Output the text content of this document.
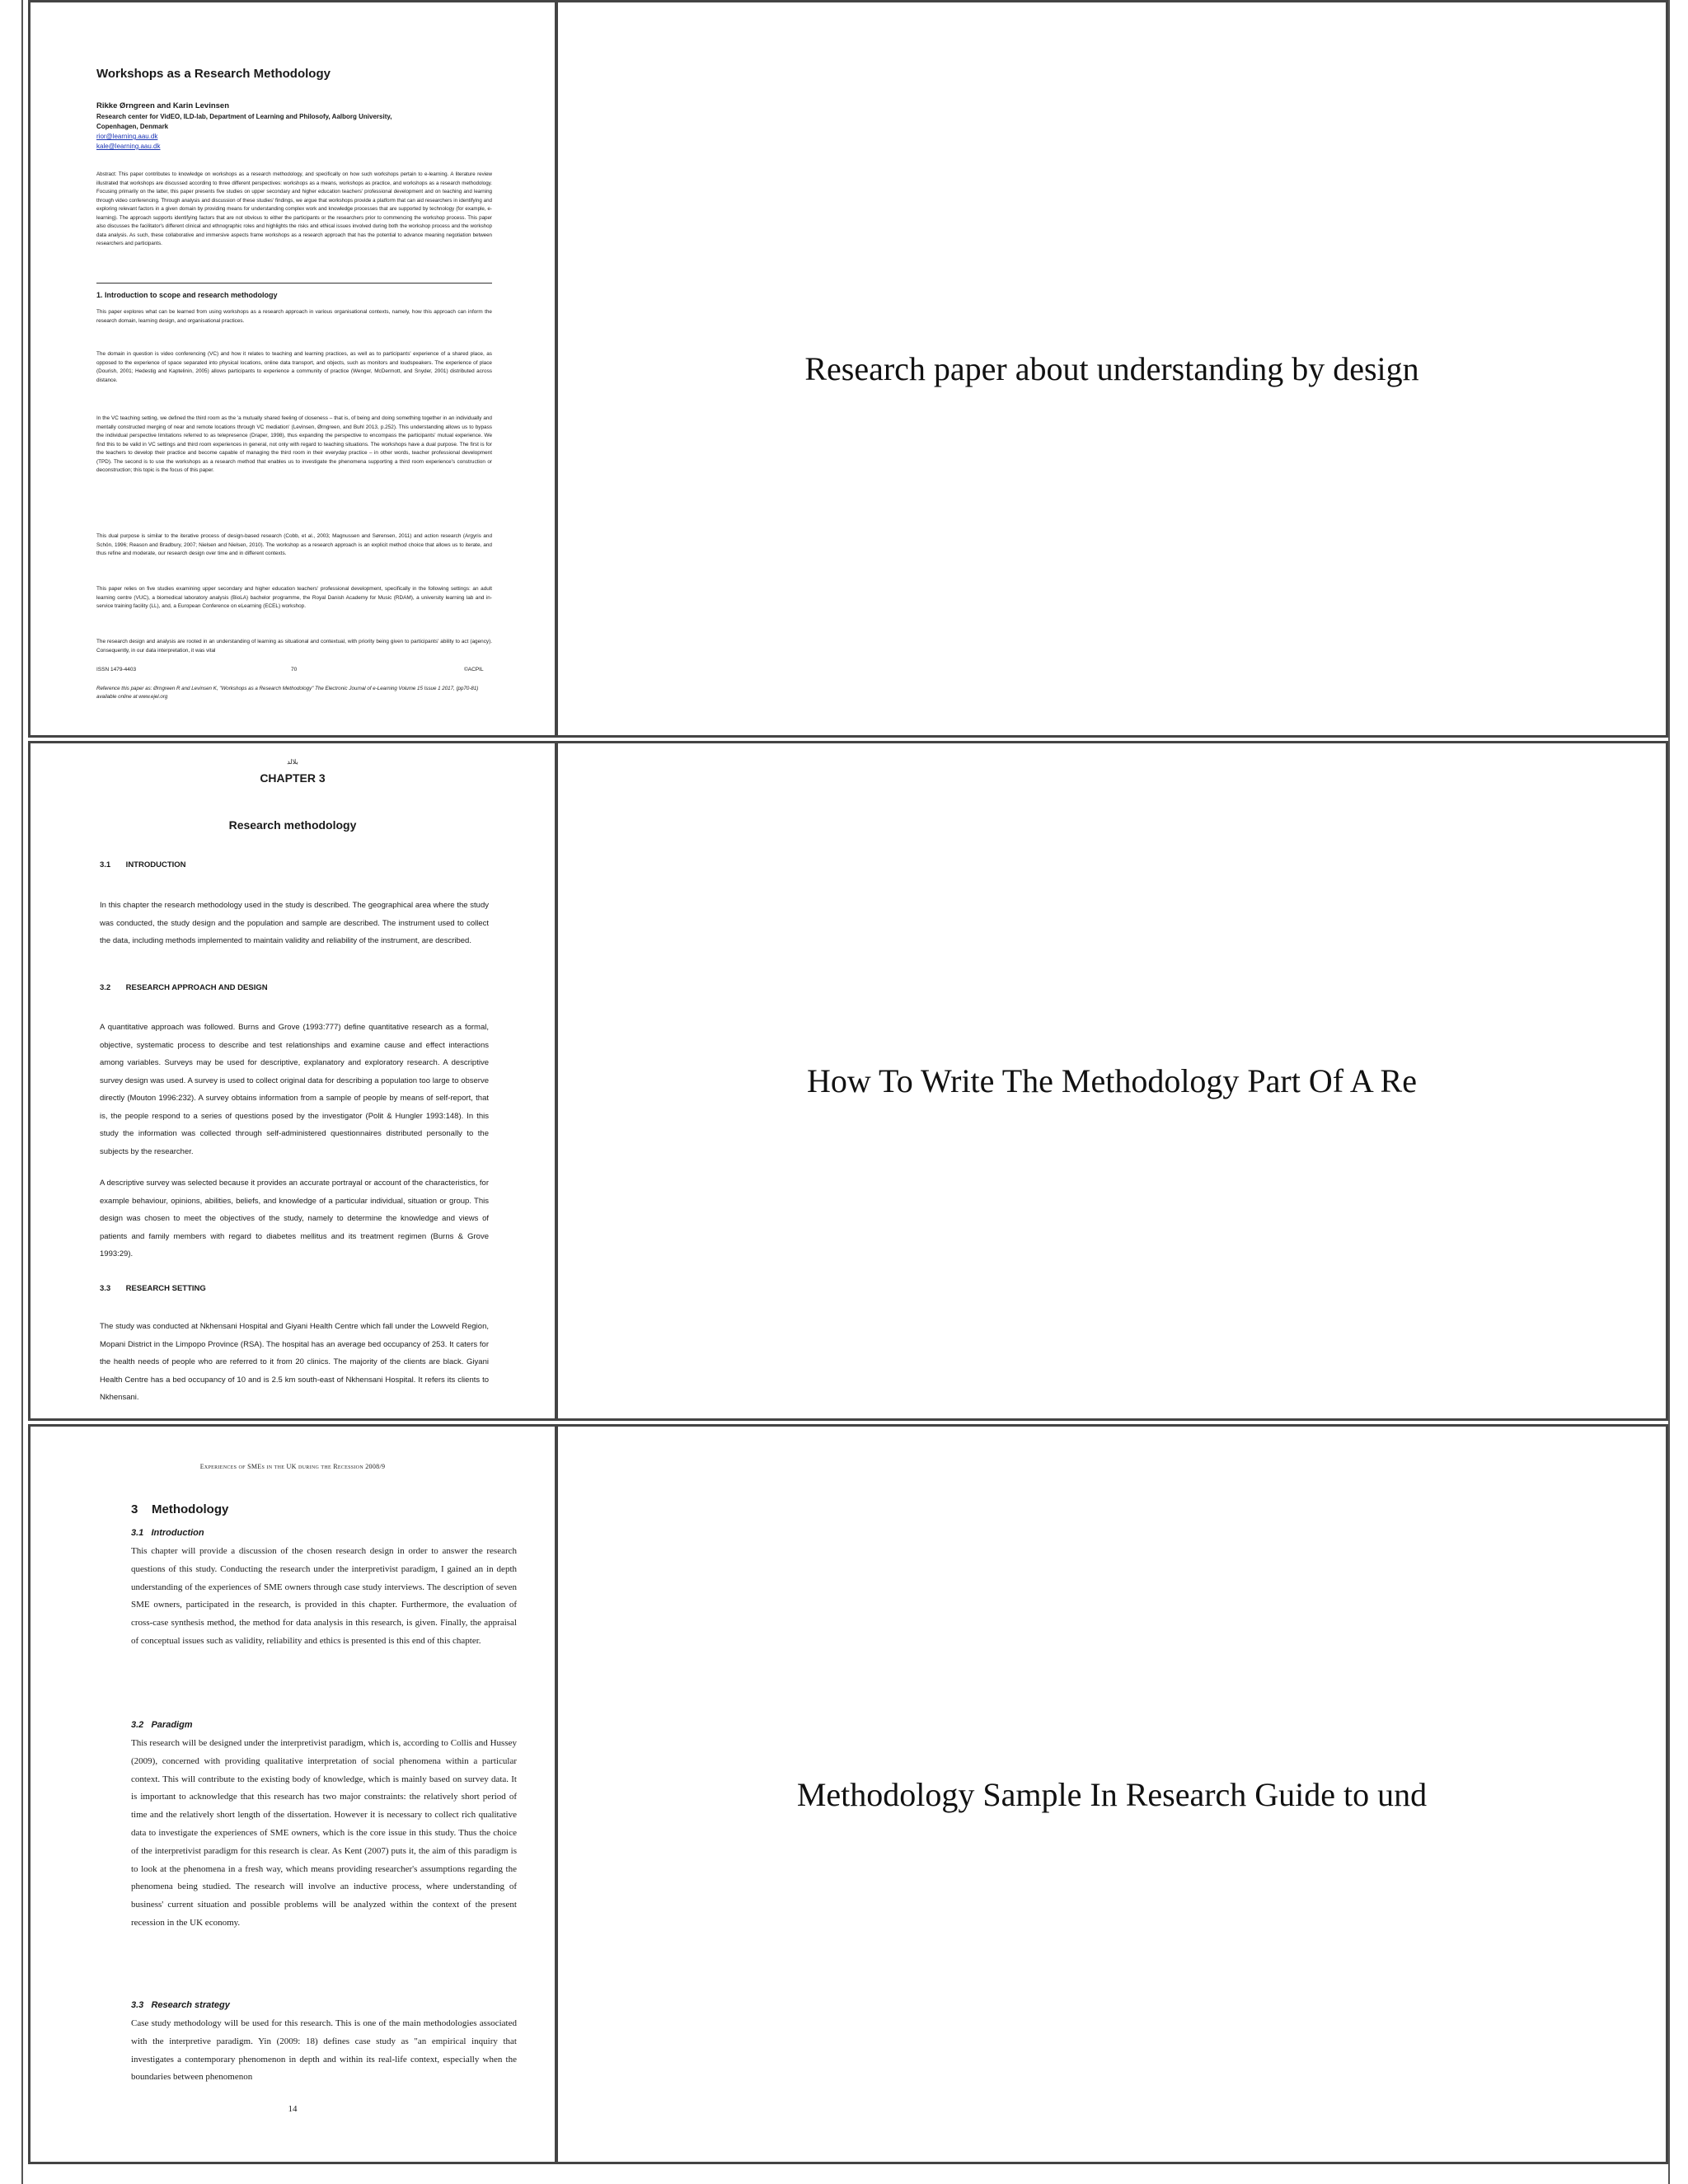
Workshops as a Research Methodology
Rikke Ørngreen and Karin Levinsen
Research center for VidEO, ILD-lab, Department of Learning and Philosofy, Aalborg University,
Copenhagen, Denmark
rior@learning.aau.dk
kale@learning.aau.dk
Abstract: This paper contributes to knowledge on workshops as a research methodology, and specifically on how such workshops pertain to e-learning. A literature review illustrated that workshops are discussed according to three different perspectives: workshops as a means, workshops as practice, and workshops as a research methodology. Focusing primarily on the latter, this paper presents five studies on upper secondary and higher education teachers' professional development and on teaching and learning through video conferencing. Through analysis and discussion of these studies' findings, we argue that workshops provide a platform that can aid researchers in identifying and exploring relevant factors in a given domain by providing means for understanding complex work and knowledge processes that are supported by technology (for example, e-learning). The approach supports identifying factors that are not obvious to either the participants or the researchers prior to commencing the workshop process. This paper also discusses the facilitator's different clinical and ethnographic roles and highlights the risks and ethical issues involved during both the workshop process and the workshop data analysis. As such, these collaborative and immersive aspects frame workshops as a research approach that has the potential to advance meaning negotiation between researchers and participants.
1. Introduction to scope and research methodology
This paper explores what can be learned from using workshops as a research approach in various organisational contexts, namely, how this approach can inform the research domain, learning design, and organisational practices.
The domain in question is video conferencing (VC) and how it relates to teaching and learning practices, as well as to participants' experience of a shared place, as opposed to the experience of space separated into physical locations, online data transport, and objects, such as monitors and loudspeakers. The experience of place (Dourish, 2001; Hedestig and Kaptelinin, 2005) allows participants to experience a community of practice (Wenger, McDermott, and Snyder, 2001) distributed across distance.
In the VC teaching setting, we defined the third room as the 'a mutually shared feeling of closeness – that is, of being and doing something together in an individually and mentally constructed merging of near and remote locations through VC mediation' (Levinsen, Ørngreen, and Buhl 2013, p.252). This understanding allows us to bypass the individual perspective limitations referred to as telepresence (Draper, 1998), thus expanding the perspective to encompass the participants' mutual experience. We find this to be valid in VC settings and third room experiences in general, not only with regard to teaching situations. The workshops have a dual purpose. The first is for the teachers to develop their practice and become capable of managing the third room in their everyday practice – in other words, teacher professional development (TPD). The second is to use the workshops as a research method that enables us to investigate the phenomena supporting a third room experience's construction or deconstruction; this topic is the focus of this paper.
This dual purpose is similar to the iterative process of design-based research (Cobb, et al., 2003; Magnussen and Sørensen, 2011) and action research (Argyris and Schön, 1996; Reason and Bradbury, 2007; Nielsen and Nielsen, 2010). The workshop as a research approach is an explicit method choice that allows us to iterate, and thus refine and moderate, our research design over time and in different contexts.
This paper relies on five studies examining upper secondary and higher education teachers' professional development, specifically in the following settings: an adult learning centre (VUC), a biomedical laboratory analysis (BioLA) bachelor programme, the Royal Danish Academy for Music (RDAM), a university learning lab and in-service training facility (LL), and, a European Conference on eLearning (ECEL) workshop.
The research design and analysis are rooted in an understanding of learning as situational and contextual, with priority being given to participants' ability to act (agency). Consequently, in our data interpretation, it was vital
ISSN 1479-4403	70	©ACPIL
Reference this paper as: Ørngreen R and Levinsen K, "Workshops as a Research Methodology" The Electronic Journal of e-Learning Volume 15 Issue 1 2017, (pp70-81) available online at www.ejel.org
Research paper about understanding by design
بلالد
CHAPTER 3
Research methodology
3.1       INTRODUCTION
In this chapter the research methodology used in the study is described. The geographical area where the study was conducted, the study design and the population and sample are described. The instrument used to collect the data, including methods implemented to maintain validity and reliability of the instrument, are described.
3.2       RESEARCH APPROACH AND DESIGN
A quantitative approach was followed. Burns and Grove (1993:777) define quantitative research as a formal, objective, systematic process to describe and test relationships and examine cause and effect interactions among variables. Surveys may be used for descriptive, explanatory and exploratory research. A descriptive survey design was used. A survey is used to collect original data for describing a population too large to observe directly (Mouton 1996:232). A survey obtains information from a sample of people by means of self-report, that is, the people respond to a series of questions posed by the investigator (Polit & Hungler 1993:148). In this study the information was collected through self-administered questionnaires distributed personally to the subjects by the researcher.
A descriptive survey was selected because it provides an accurate portrayal or account of the characteristics, for example behaviour, opinions, abilities, beliefs, and knowledge of a particular individual, situation or group. This design was chosen to meet the objectives of the study, namely to determine the knowledge and views of patients and family members with regard to diabetes mellitus and its treatment regimen (Burns & Grove 1993:29).
3.3       RESEARCH SETTING
The study was conducted at Nkhensani Hospital and Giyani Health Centre which fall under the Lowveld Region, Mopani District in the Limpopo Province (RSA). The hospital has an average bed occupancy of 253. It caters for the health needs of people who are referred to it from 20 clinics. The majority of the clients are black. Giyani Health Centre has a bed occupancy of 10 and is 2.5 km south-east of Nkhensani Hospital. It refers its clients to Nkhensani.
How To Write The Methodology Part Of A Re
Experiences of SMEs in the UK during the Recession 2008/9
3    Methodology
3.1   Introduction
This chapter will provide a discussion of the chosen research design in order to answer the research questions of this study. Conducting the research under the interpretivist paradigm, I gained an in depth understanding of the experiences of SME owners through case study interviews. The description of seven SME owners, participated in the research, is provided in this chapter. Furthermore, the evaluation of cross-case synthesis method, the method for data analysis in this research, is given. Finally, the appraisal of conceptual issues such as validity, reliability and ethics is presented is this end of this chapter.
3.2   Paradigm
This research will be designed under the interpretivist paradigm, which is, according to Collis and Hussey (2009), concerned with providing qualitative interpretation of social phenomena within a particular context. This will contribute to the existing body of knowledge, which is mainly based on survey data. It is important to acknowledge that this research has two major constraints: the relatively short period of time and the relatively short length of the dissertation. However it is necessary to collect rich qualitative data to investigate the experiences of SME owners, which is the core issue in this study. Thus the choice of the interpretivist paradigm for this research is clear. As Kent (2007) puts it, the aim of this paradigm is to look at the phenomena in a fresh way, which means providing researcher's assumptions regarding the phenomena being studied. The research will involve an inductive process, where understanding of business' current situation and possible problems will be analyzed within the context of the present recession in the UK economy.
3.3   Research strategy
Case study methodology will be used for this research. This is one of the main methodologies associated with the interpretive paradigm. Yin (2009: 18) defines case study as "an empirical inquiry that investigates a contemporary phenomenon in depth and within its real-life context, especially when the boundaries between phenomenon
14
Methodology Sample In Research Guide to und
